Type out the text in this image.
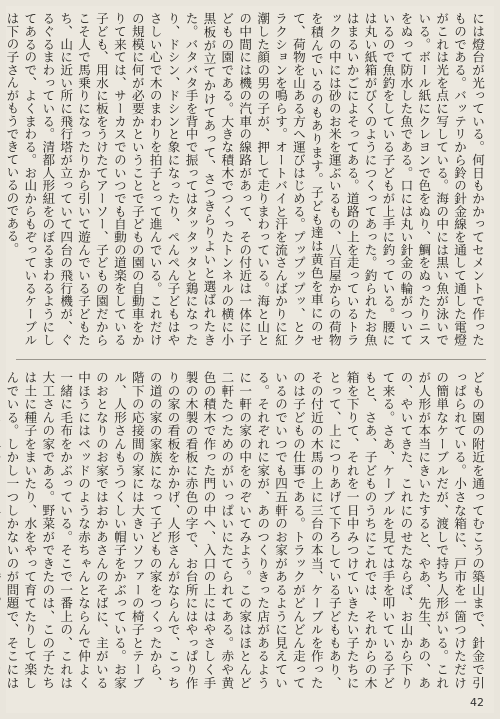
には燈台が光っている。何日もかかってセメントで作ったものである。バッテリから鈴の針金線を通して通した電燈がこれは光を点に写している。海の中には黒い魚が泳いでいる。ボール紙にクレヨンで色をぬり、鯛をぬったりニスをぬって防水した魚である。口には丸い針金の輪がついているので魚釣をしている子どもが上手に釣っている。腰には丸い紙箱がびくのようにつくってあった。釣られたお魚はまるいかごによそってある。道路の上を走っているトラックの中には砂のお米を運ぶいるもの、八百屋からの荷物を積んでいるのもあります。子ども達は黄色を車にのせて、荷物を山ある方へ運びはじめる。プップップッ、とクラクションを鳴らす。オートバイと汗を流さんばかりに紅潮した顔の男の子が、押して走りまわっている。海と山との中間には機の汽車の線路があって、その付近は一体に子どもの園である。大きな積木でつくったトンネルの横に小黒板が立てかけてあって、さつきらりよいと選ばれたきた。バタバタ手を背中で振ってはタッタッタと鶏になったり、ドシン、ドシンと象になったり、ぺんぺん子どもはやさしい心で木のまわりを拍子とって進んでいる。これだけの規模に何が必要かということで子どもの園の自動車をかりて来ては、サーカスでのいつでも自動の道楽をしている子ども、用水に板をうけたてアーソー、子どもの園だからこそ人で馬乗りになったりから引いて遊んでいる子どもたち、山に近い所に飛行塔が立っていて四台の飛行機が、ぐるぐるまわっている。清都人形紐をのぼるまわるようにしてあるので、よくまわる。お山からもぞっているケーブルは下の子さんがもうできているのである。
どもの園の附近を通ってむこうの築山まで、針金で引っぱられている。小さな箱に、戸市を一箇つけただけの簡単なケーブルだが、渡しで持ち人形がいる。これが人形が本当にきいたすると、やあ、先生、あの、あの、やいてきた、これにのせたならば、お山から下りて来る。さあ、ケーブルを見ては手を叩いている子どもと、さあ、子どものうちにこれでは、それからの木箱を下りて、それを一日中みつけていきたい子たちにとって、上につりあげて下ろしている子どももあり、その付近の木馬の上に三台の本当、ケーブルを作ったのは子どもの仕事である。トラックがどんどん走っているのでいつでも四五軒のお家があるように見えている。それぞれに家が、あのつくりきった店があるように一軒の家の中をのぞいてみよう。この家はほとんど二軒たつためのがいっぱいにたてられてある。赤や黄色の積木で作った門の中へ、入口の上にはやさしく手製の木製の看板に赤色の字で、お台所にはやっぱり作りの家の看板をかかげ、人形さんがならんで、こっちの道の家の家族になって子どもの家をつくったから、階下の応接間の家には大きいソファーの椅子とテーブル、人形さんもうつくしい帽子をかぶっている。お家のおとなりのお家ではおかあさんのそばに、主がいる中ほうにはベッドのような赤ちゃんとならんで仲よく一緒に毛布をかぶっている。そこで一番上の、これは大工さんの家である。野菜ができたのは、この子たちは土に種子をまいたり、水をやって育てたりして楽しんでいる。しかし一つしかないのが問題で、そこには
42
